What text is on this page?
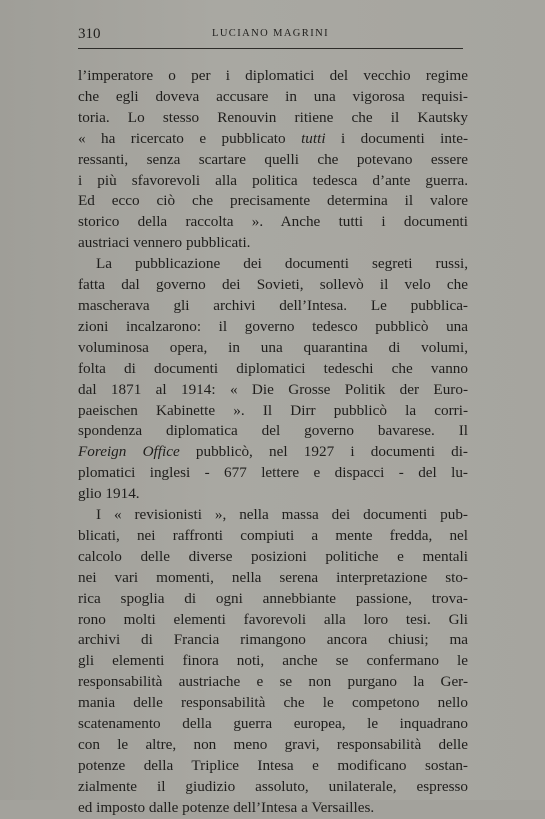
310	LUCIANO MAGRINI
l’imperatore o per i diplomatici del vecchio regime
che egli doveva accusare in una vigorosa requisi-
toria. Lo stesso Renouvin ritiene che il Kautsky
« ha ricercato e pubblicato tutti i documenti inte-
ressanti, senza scartare quelli che potevano essere
i più sfavorevoli alla politica tedesca d’ante guerra.
Ed ecco ciò che precisamente determina il valore
storico della raccolta ». Anche tutti i documenti
austriaci vennero pubblicati.
La pubblicazione dei documenti segreti russi,
fatta dal governo dei Sovieti, sollevò il velo che
mascherava gli archivi dell’Intesa. Le pubblica-
zioni incalzarono: il governo tedesco pubblicò una
voluminosa opera, in una quarantina di volumi,
folta di documenti diplomatici tedeschi che vanno
dal 1871 al 1914: « Die Grosse Politik der Euro-
paeischen Kabinette ». Il Dirr pubblicò la corri-
spondenza diplomatica del governo bavarese. Il
Foreign Office pubblicò, nel 1927 i documenti di-
plomatici inglesi - 677 lettere e dispacci - del lu-
glio 1914.
I « revisionisti », nella massa dei documenti pub-
blicati, nei raffronti compiuti a mente fredda, nel
calcolo delle diverse posizioni politiche e mentali
nei vari momenti, nella serena interpretazione sto-
rica spoglia di ogni annebbiante passione, trova-
rono molti elementi favorevoli alla loro tesi. Gli
archivi di Francia rimangono ancora chiusi; ma
gli elementi finora noti, anche se confermano le
responsabilità austriache e se non purgano la Ger-
mania delle responsabilità che le competono nello
scatenamento della guerra europea, le inquadrano
con le altre, non meno gravi, responsabilità delle
potenze della Triplice Intesa e modificano sostan-
zialmente il giudizio assoluto, unilaterale, espresso
ed imposto dalle potenze dell’Intesa a Versailles.
